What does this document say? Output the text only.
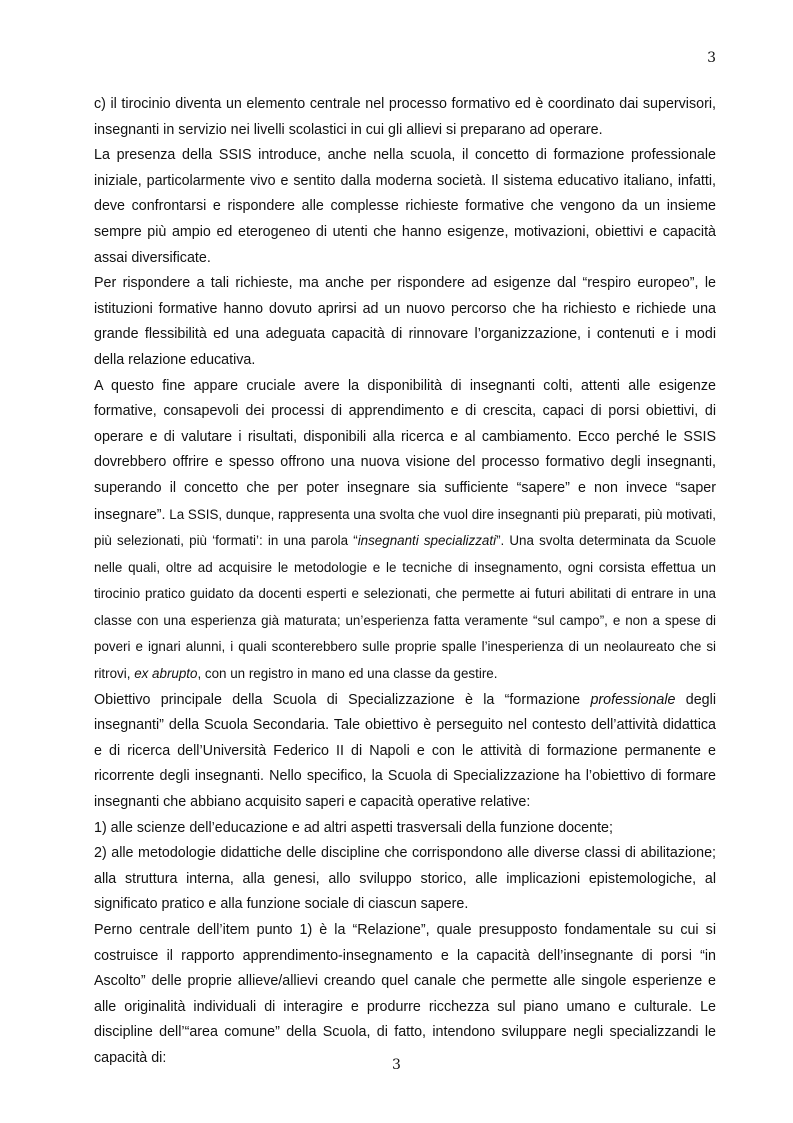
3

c) il tirocinio diventa un elemento centrale nel processo formativo ed è coordinato dai supervisori, insegnanti in servizio nei livelli scolastici in cui gli allievi si preparano ad operare.

La presenza della SSIS introduce, anche nella scuola, il concetto di formazione professionale iniziale, particolarmente vivo e sentito dalla moderna società. Il sistema educativo italiano, infatti, deve confrontarsi e rispondere alle complesse richieste formative che vengono da un insieme sempre più ampio ed eterogeneo di utenti che hanno esigenze, motivazioni, obiettivi e capacità assai diversificate.

Per rispondere a tali richieste, ma anche per rispondere ad esigenze dal “respiro europeo”, le istituzioni formative hanno dovuto aprirsi ad un nuovo percorso che ha richiesto e richiede una grande flessibilità ed una adeguata capacità di rinnovare l’organizzazione, i contenuti e i modi della relazione educativa.

A questo fine appare cruciale avere la disponibilità di insegnanti colti, attenti alle esigenze formative, consapevoli dei processi di apprendimento e di crescita, capaci di porsi obiettivi, di operare e di valutare i risultati, disponibili alla ricerca e al cambiamento. Ecco perché le SSIS dovrebbero offrire e spesso offrono una nuova visione del processo formativo degli insegnanti, superando il concetto che per poter insegnare sia sufficiente “sapere” e non invece “saper insegnare”. La SSIS, dunque, rappresenta una svolta che vuol dire insegnanti più preparati, più motivati, più selezionati, più ‘formati’: in una parola “insegnanti specializzati”. Una svolta determinata da Scuole nelle quali, oltre ad acquisire le metodologie e le tecniche di insegnamento, ogni corsista effettua un tirocinio pratico guidato da docenti esperti e selezionati, che permette ai futuri abilitati di entrare in una classe con una esperienza già maturata; un’esperienza fatta veramente “sul campo”, e non a spese di poveri e ignari alunni, i quali sconterebbero sulle proprie spalle l’inesperienza di un neolaureato che si ritrovi, ex abrupto, con un registro in mano ed una classe da gestire.

Obiettivo principale della Scuola di Specializzazione è la “formazione professionale degli insegnanti” della Scuola Secondaria. Tale obiettivo è perseguito nel contesto dell’attività didattica e di ricerca dell’Università Federico II di Napoli e con le attività di formazione permanente e ricorrente degli insegnanti. Nello specifico, la Scuola di Specializzazione ha l’obiettivo di formare insegnanti che abbiano acquisito saperi e capacità operative relative:

1) alle scienze dell’educazione e ad altri aspetti trasversali della funzione docente;

2) alle metodologie didattiche delle discipline che corrispondono alle diverse classi di abilitazione; alla struttura interna, alla genesi, allo sviluppo storico, alle implicazioni epistemologiche, al significato pratico e alla funzione sociale di ciascun sapere.

Perno centrale dell’item punto 1) è la “Relazione”, quale presupposto fondamentale su cui si costruisce il rapporto apprendimento-insegnamento e la capacità dell’insegnante di porsi “in Ascolto” delle proprie allieve/allievi creando quel canale che permette alle singole esperienze e alle originalità individuali di interagire e produrre ricchezza sul piano umano e culturale. Le discipline dell’“area comune” della Scuola, di fatto, intendono sviluppare negli specializzandi le capacità di:	3
